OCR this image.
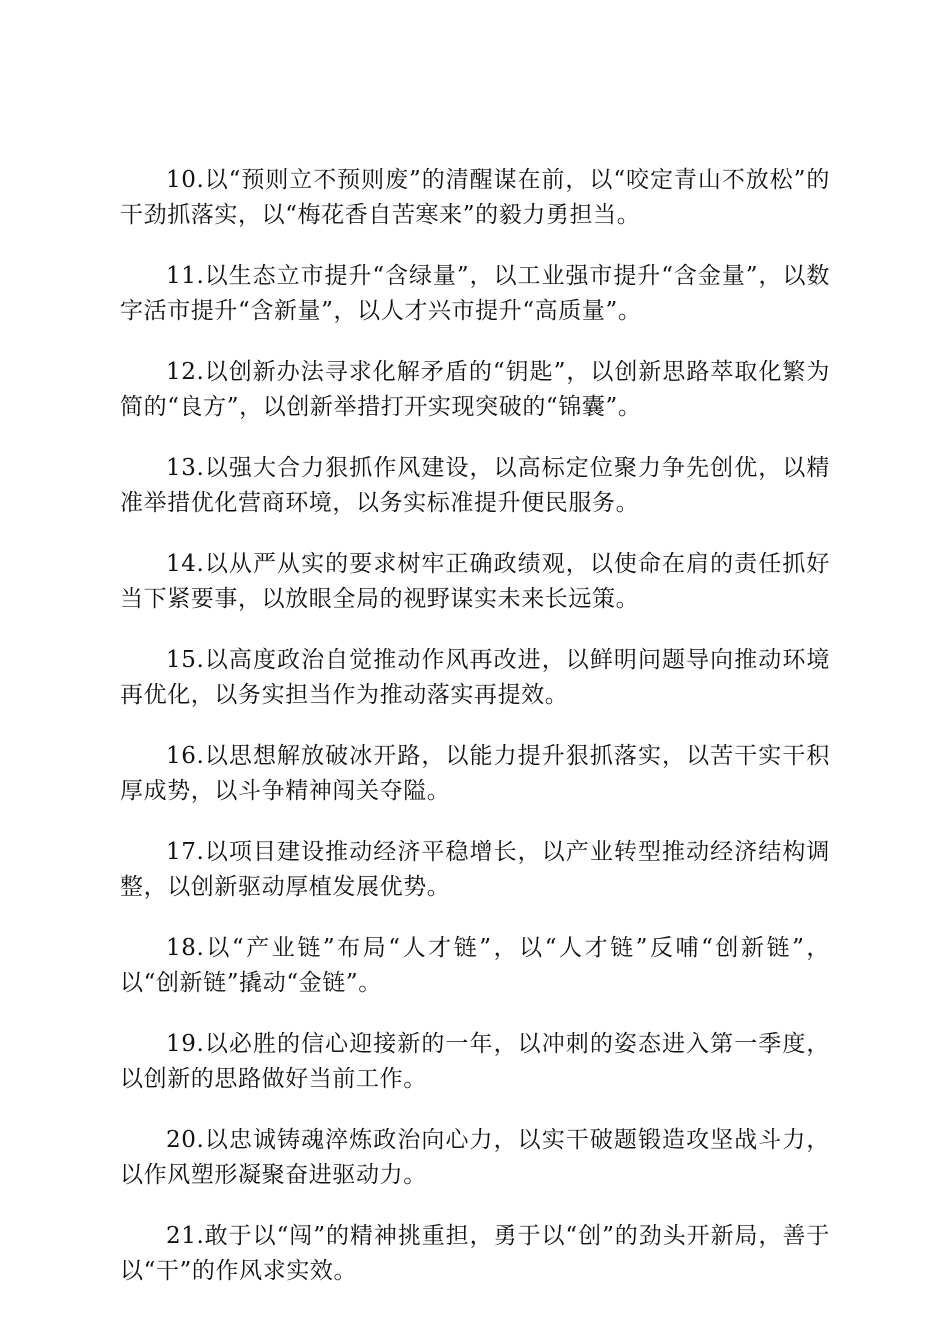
10.以“预则立不预则废”的清醒谋在前，以“咬定青山不放松”的干劲抓落实，以“梅花香自苦寒来”的毅力勇担当。

11.以生态立市提升“含绿量”，以工业强市提升“含金量”，以数字活市提升“含新量”，以人才兴市提升“高质量”。

12.以创新办法寻求化解矛盾的“钥匙”，以创新思路萃取化繁为简的“良方”，以创新举措打开实现突破的“锦囊”。

13.以强大合力狠抓作风建设，以高标定位聚力争先创优，以精准举措优化营商环境，以务实标准提升便民服务。

14.以从严从实的要求树牢正确政绩观，以使命在肩的责任抓好当下紧要事，以放眼全局的视野谋实未来长远策。

15.以高度政治自觉推动作风再改进，以鲜明问题导向推动环境再优化，以务实担当作为推动落实再提效。

16.以思想解放破冰开路，以能力提升狠抓落实，以苦干实干积厚成势，以斗争精神闯关夺隘。

17.以项目建设推动经济平稳增长，以产业转型推动经济结构调整，以创新驱动厚植发展优势。

18.以“产业链”布局“人才链”，以“人才链”反哺“创新链”，以“创新链”撬动“金链”。

19.以必胜的信心迎接新的一年，以冲刺的姿态进入第一季度，以创新的思路做好当前工作。

20.以忠诚铸魂淬炼政治向心力，以实干破题锻造攻坚战斗力，以作风塑形凝聚奋进驱动力。

21.敢于以“闯”的精神挑重担，勇于以“创”的劲头开新局，善于以“干”的作风求实效。
